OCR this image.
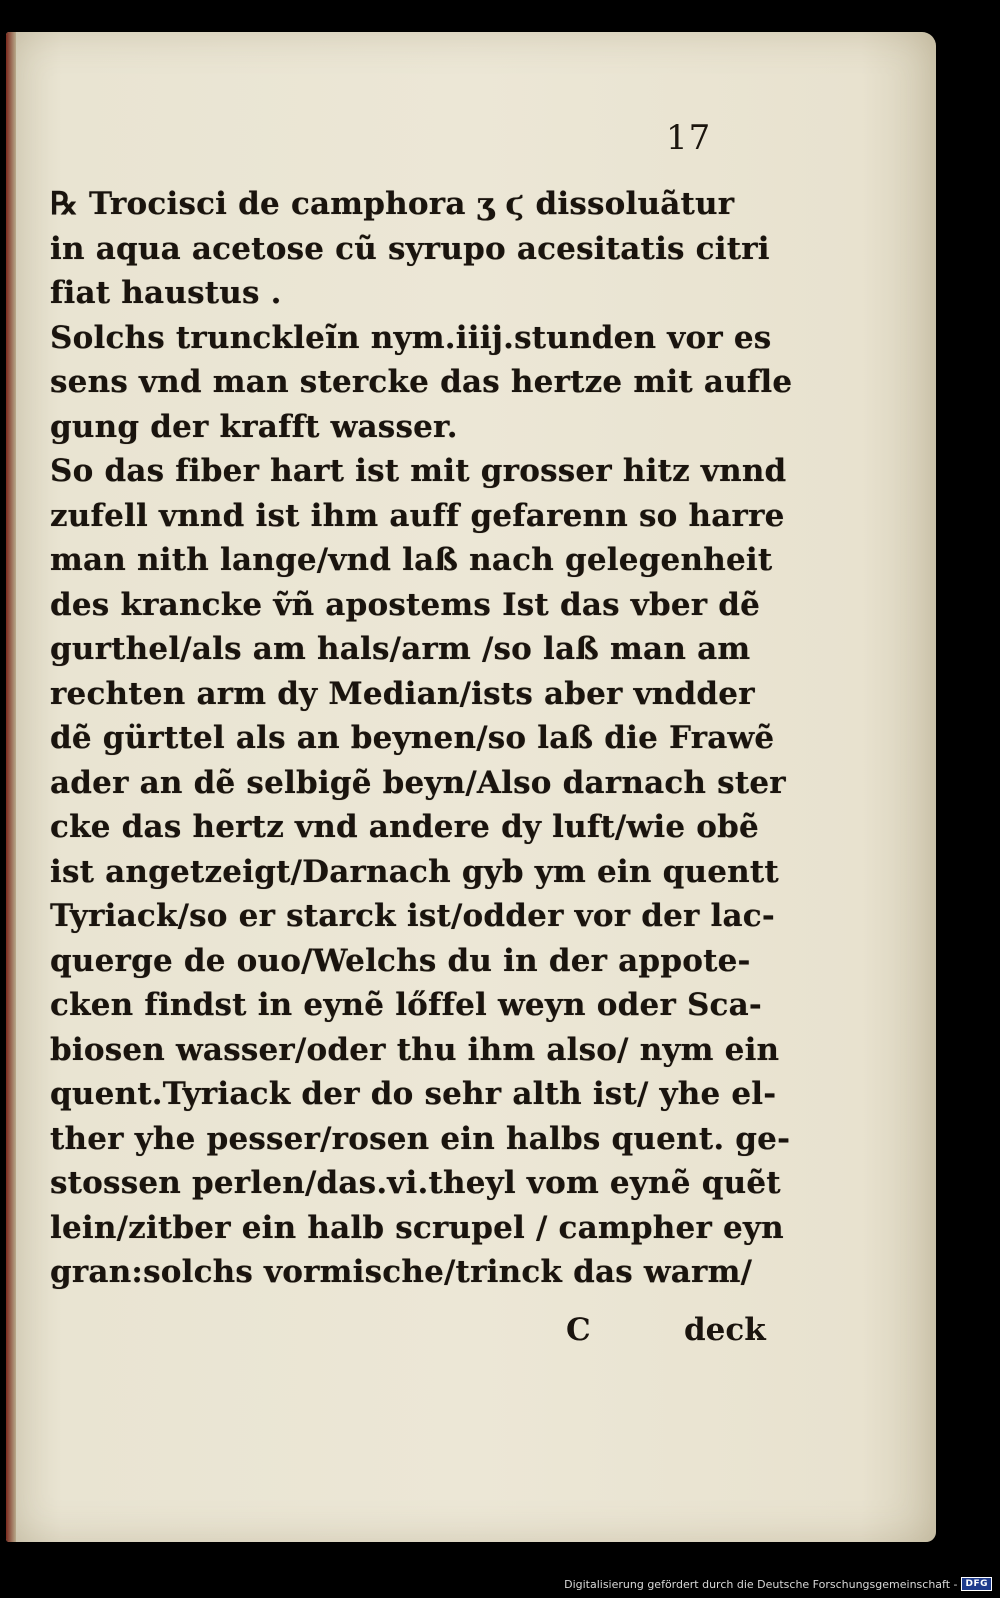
17
℞ Trocisci de camphora ʒ ϛ dissoluãtur
in aqua acetose cũ syrupo acesitatis citri
fiat haustus .
Solchs trunckleĩn nym.iiij.stunden vor es
sens vnd man stercke das hertze mit aufle
gung der krafft wasser.
So das fiber hart ist mit grosser hitz vnnd
zufell vnnd ist ihm auff gefarenn so harre
man nith lange/vnd laß nach gelegenheit
des krancke ṽñ apostems Ist das vber dẽ
gurthel/als am hals/arm /so laß man am
rechten arm dy Median/ists aber vndder
dẽ gürttel als an beynen/so laß die Frawẽ
ader an dẽ selbigẽ beyn/Also darnach ster
cke das hertz vnd andere dy luft/wie obẽ
ist angetzeigt/Darnach gyb ym ein quentt
Tyriack/so er starck ist/odder vor der lac-
querge de ouo/Welchs du in der appote-
cken findst in eynẽ lőffel weyn oder Sca-
biosen wasser/oder thu ihm also/ nym ein
quent.Tyriack der do sehr alth ist/ yhe el-
ther yhe pesser/rosen ein halbs quent. ge-
stossen perlen/das.vi.theyl vom eynẽ quẽt
lein/zitber ein halb scrupel / campher eyn
gran:solchs vormische/trinck das warm/
C	deck
Digitalisierung gefördert durch die Deutsche Forschungsgemeinschaft - DFG
